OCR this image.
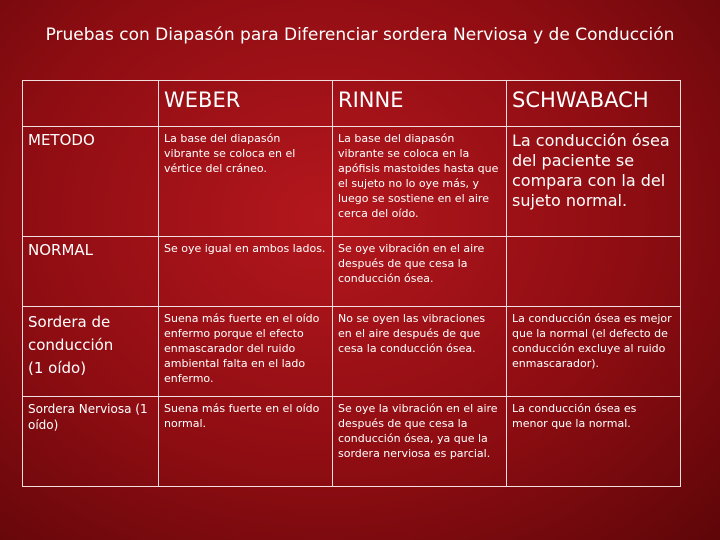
Pruebas con Diapasón para Diferenciar sordera Nerviosa y de Conducción
	WEBER	RINNE	SCHWABACH
METODO	La base del diapasón vibrante se coloca en el vértice del cráneo.	La base del diapasón vibrante se coloca en la apófisis mastoides hasta que el sujeto no lo oye más, y luego se sostiene en el aire cerca del oído.	La conducción ósea del paciente se compara con la del sujeto normal.
NORMAL	Se oye igual en ambos lados.	Se oye vibración en el aire después de que cesa la conducción ósea.	

Sordera de conducción
(1 oído)	Suena más fuerte en el oído enfermo porque el efecto enmascarador del ruido ambiental falta en el lado enfermo.	No se oyen las vibraciones en el aire después de que cesa la conducción ósea.	La conducción ósea es mejor que la normal (el defecto de conducción excluye al ruido enmascarador).
Sordera Nerviosa (1 oído)	Suena más fuerte en el oído normal.	Se oye la vibración en el aire después de que cesa la conducción ósea, ya que la sordera nerviosa es parcial.	La conducción ósea es menor que la normal.
